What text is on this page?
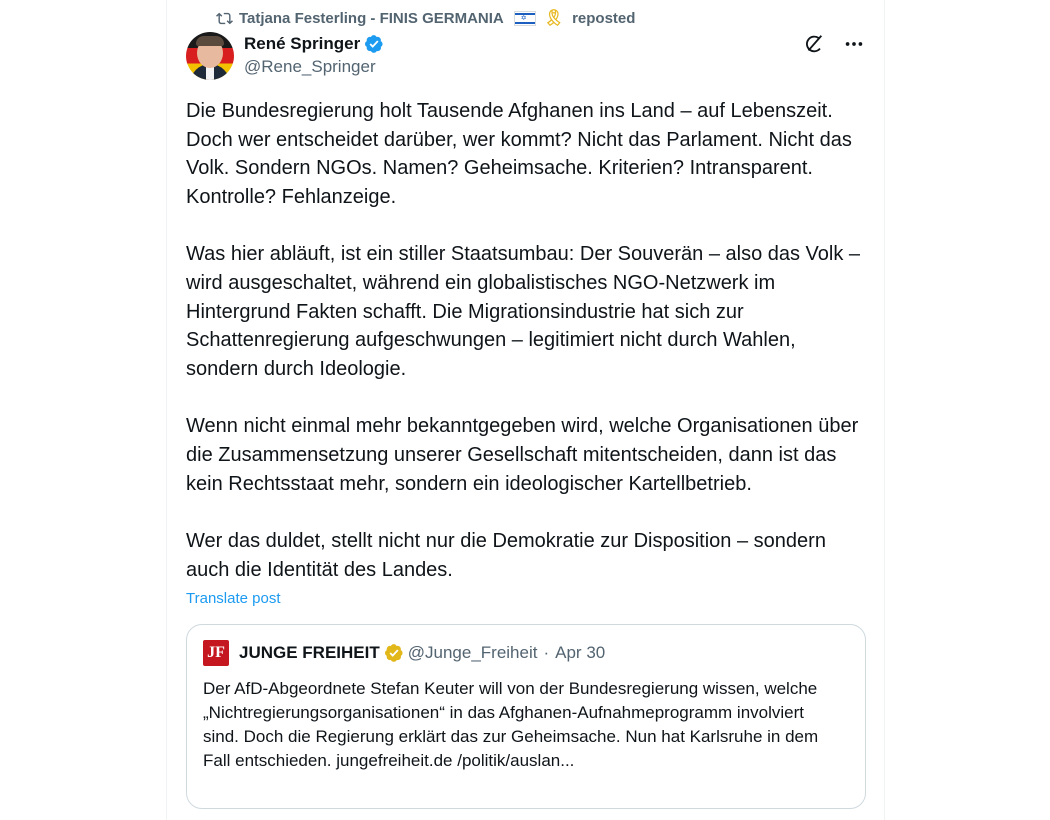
Tatjana Festerling - FINIS GERMANIA ✡ 🎗 reposted
René Springer
@Rene_Springer

Die Bundesregierung holt Tausende Afghanen ins Land – auf Lebenszeit. Doch wer entscheidet darüber, wer kommt? Nicht das Parlament. Nicht das Volk. Sondern NGOs. Namen? Geheimsache. Kriterien? Intransparent. Kontrolle? Fehlanzeige.

Was hier abläuft, ist ein stiller Staatsumbau: Der Souverän – also das Volk – wird ausgeschaltet, während ein globalistisches NGO-Netzwerk im Hintergrund Fakten schafft. Die Migrationsindustrie hat sich zur Schattenregierung aufgeschwungen – legitimiert nicht durch Wahlen, sondern durch Ideologie.

Wenn nicht einmal mehr bekanntgegeben wird, welche Organisationen über die Zusammensetzung unserer Gesellschaft mitentscheiden, dann ist das kein Rechtsstaat mehr, sondern ein ideologischer Kartellbetrieb.

Wer das duldet, stellt nicht nur die Demokratie zur Disposition – sondern auch die Identität des Landes.

Translate post
JF JUNGE FREIHEIT @Junge_Freiheit · Apr 30
Der AfD-Abgeordnete Stefan Keuter will von der Bundesregierung wissen, welche „Nichtregierungsorganisationen“ in das Afghanen-Aufnahmeprogramm involviert sind. Doch die Regierung erklärt das zur Geheimsache. Nun hat Karlsruhe in dem Fall entschieden. jungefreiheit.de /politik/auslan...
